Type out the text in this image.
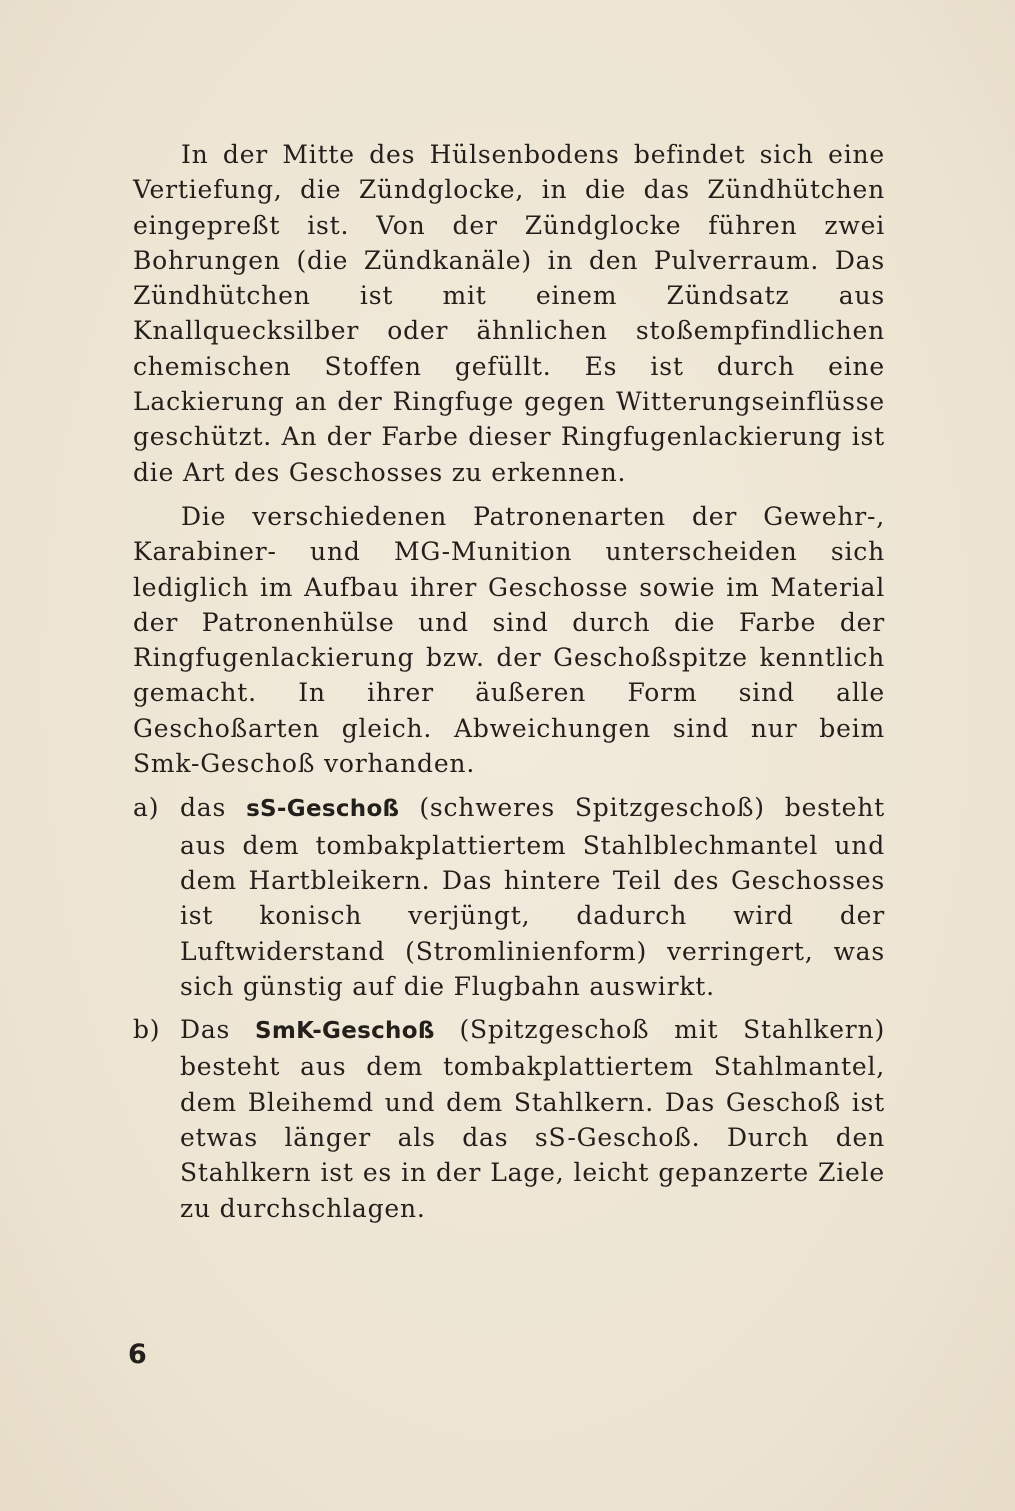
In der Mitte des Hülsenbodens befindet sich eine Vertiefung, die Zündglocke, in die das Zündhütchen eingepreßt ist. Von der Zündglocke führen zwei Bohrungen (die Zündkanäle) in den Pulverraum. Das Zündhütchen ist mit einem Zündsatz aus Knallquecksilber oder ähnlichen stoßempfindlichen chemischen Stoffen gefüllt. Es ist durch eine Lackierung an der Ringfuge gegen Witterungseinflüsse geschützt. An der Farbe dieser Ringfugenlackierung ist die Art des Geschosses zu erkennen.

Die verschiedenen Patronenarten der Gewehr-, Karabiner- und MG-Munition unterscheiden sich lediglich im Aufbau ihrer Geschosse sowie im Material der Patronenhülse und sind durch die Farbe der Ringfugenlackierung bzw. der Geschoßspitze kenntlich gemacht. In ihrer äußeren Form sind alle Geschoßarten gleich. Abweichungen sind nur beim Smk-Geschoß vorhanden.

a) das sS-Geschoß (schweres Spitzgeschoß) besteht aus dem tombakplattiertem Stahlblechmantel und dem Hartbleikern. Das hintere Teil des Geschosses ist konisch verjüngt, dadurch wird der Luftwiderstand (Stromlinienform) verringert, was sich günstig auf die Flugbahn auswirkt.
b) Das SmK-Geschoß (Spitzgeschoß mit Stahlkern) besteht aus dem tombakplattiertem Stahlmantel, dem Bleihemd und dem Stahlkern. Das Geschoß ist etwas länger als das sS-Geschoß. Durch den Stahlkern ist es in der Lage, leicht gepanzerte Ziele zu durchschlagen.
6
